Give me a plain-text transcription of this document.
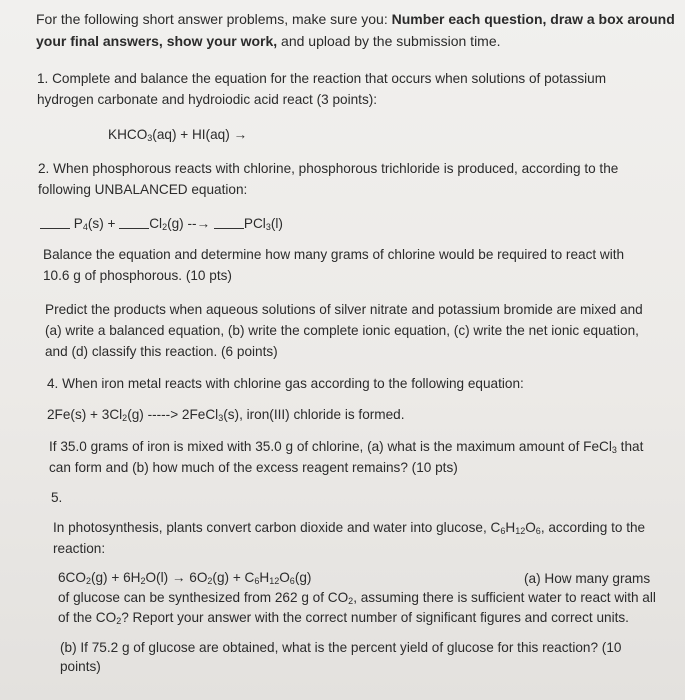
For the following short answer problems, make sure you: Number each question, draw a box around
your final answers, show your work, and upload by the submission time.
1. Complete and balance the equation for the reaction that occurs when solutions of potassium
hydrogen carbonate and hydroiodic acid react (3 points):
$KHCO_3(aq) + HI(aq)$ →
2. When phosphorous reacts with chlorine, phosphorous trichloride is produced, according to the
following UNBALANCED equation:
$P_4(s) + Cl_2(g)$ --→ PCl$_3$(l)
Balance the equation and determine how many grams of chlorine would be required to react with
10.6 g of phosphorous. (10 pts)
Predict the products when aqueous solutions of silver nitrate and potassium bromide are mixed and
(a) write a balanced equation, (b) write the complete ionic equation, (c) write the net ionic equation,
and (d) classify this reaction. (6 points)
4. When iron metal reacts with chlorine gas according to the following equation:
$2Fe(s) + 3Cl_2(g)$ -----> 2FeCl$_3$(s), iron(III) chloride is formed.
If 35.0 grams of iron is mixed with 35.0 g of chlorine, (a) what is the maximum amount of FeCl$_3$ that
can form and (b) how much of the excess reagent remains? (10 pts)
5.
In photosynthesis, plants convert carbon dioxide and water into glucose, $C_6H_{12}O_6$, according to the
reaction:
$6CO_2(g) + 6H_2O(l) \to 6O_2(g) + C_6H_{12}O_6(g)$	(a) How many grams
of glucose can be synthesized from 262 g of $CO_2$, assuming there is sufficient water to react with all
of the $CO_2$? Report your answer with the correct number of significant figures and correct units.
(b) If 75.2 g of glucose are obtained, what is the percent yield of glucose for this reaction? (10
points)
